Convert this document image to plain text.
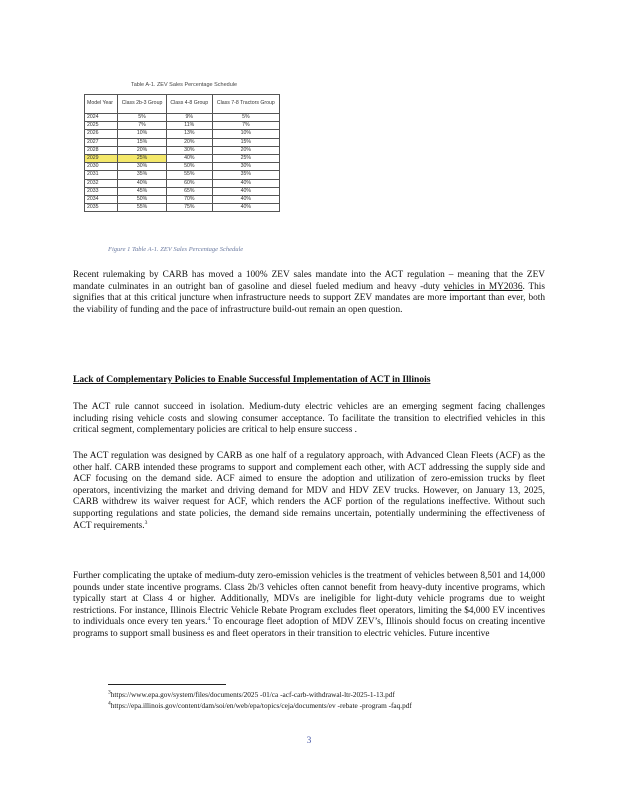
Table A-1. ZEV Sales Percentage Schedule
Model Year	Class 2b-3 Group	Class 4-8 Group	Class 7-8 Tractors Group
2024	5%	9%	5%
2025	7%	11%	7%
2026	10%	13%	10%
2027	15%	20%	15%
2028	20%	30%	20%
2029	25%	40%	25%
2030	30%	50%	30%
2031	35%	55%	35%
2032	40%	60%	40%
2033	45%	65%	40%
2034	50%	70%	40%
2035	55%	75%	40%
Figure 1 Table A-1. ZEV Sales Percentage Schedule

Recent rulemaking by CARB has moved a 100% ZEV sales mandate into the ACT regulation – meaning that the ZEV mandate culminates in an outright ban of gasoline and diesel fueled medium and heavy -duty vehicles in MY2036. This signifies that at this critical juncture when infrastructure needs to support ZEV mandates are more important than ever, both the viability of funding and the pace of infrastructure build-out remain an open question.

Lack of Complementary Policies to Enable Successful Implementation of ACT in Illinois

The ACT rule cannot succeed in isolation. Medium-duty electric vehicles are an emerging segment facing challenges including rising vehicle costs and slowing consumer acceptance. To facilitate the transition to electrified vehicles in this critical segment, complementary policies are critical to help ensure success .

The ACT regulation was designed by CARB as one half of a regulatory approach, with Advanced Clean Fleets (ACF) as the other half. CARB intended these programs to support and complement each other, with ACT addressing the supply side and ACF focusing on the demand side. ACF aimed to ensure the adoption and utilization of zero-emission trucks by fleet operators, incentivizing the market and driving demand for MDV and HDV ZEV trucks. However, on January 13, 2025, CARB withdrew its waiver request for ACF, which renders the ACF portion of the regulations ineffective. Without such supporting regulations and state policies, the demand side remains uncertain, potentially undermining the effectiveness of ACT requirements.$^3$

Further complicating the uptake of medium-duty zero-emission vehicles is the treatment of vehicles between 8,501 and 14,000 pounds under state incentive programs. Class 2b/3 vehicles often cannot benefit from heavy-duty incentive programs, which typically start at Class 4 or higher. Additionally, MDVs are ineligible for light-duty vehicle programs due to weight restrictions. For instance, Illinois Electric Vehicle Rebate Program excludes fleet operators, limiting the $4,000 EV incentives to individuals once every ten years.$^4$ To encourage fleet adoption of MDV ZEV’s, Illinois should focus on creating incentive programs to support small business es and fleet operators in their transition to electric vehicles. Future incentive

$^3$https://www.epa.gov/system/files/documents/2025 -01/ca -acf-carb-withdrawal-ltr-2025-1-13.pdf

$^4$https://epa.illinois.gov/content/dam/soi/en/web/epa/topics/ceja/documents/ev -rebate -program -faq.pdf

3
